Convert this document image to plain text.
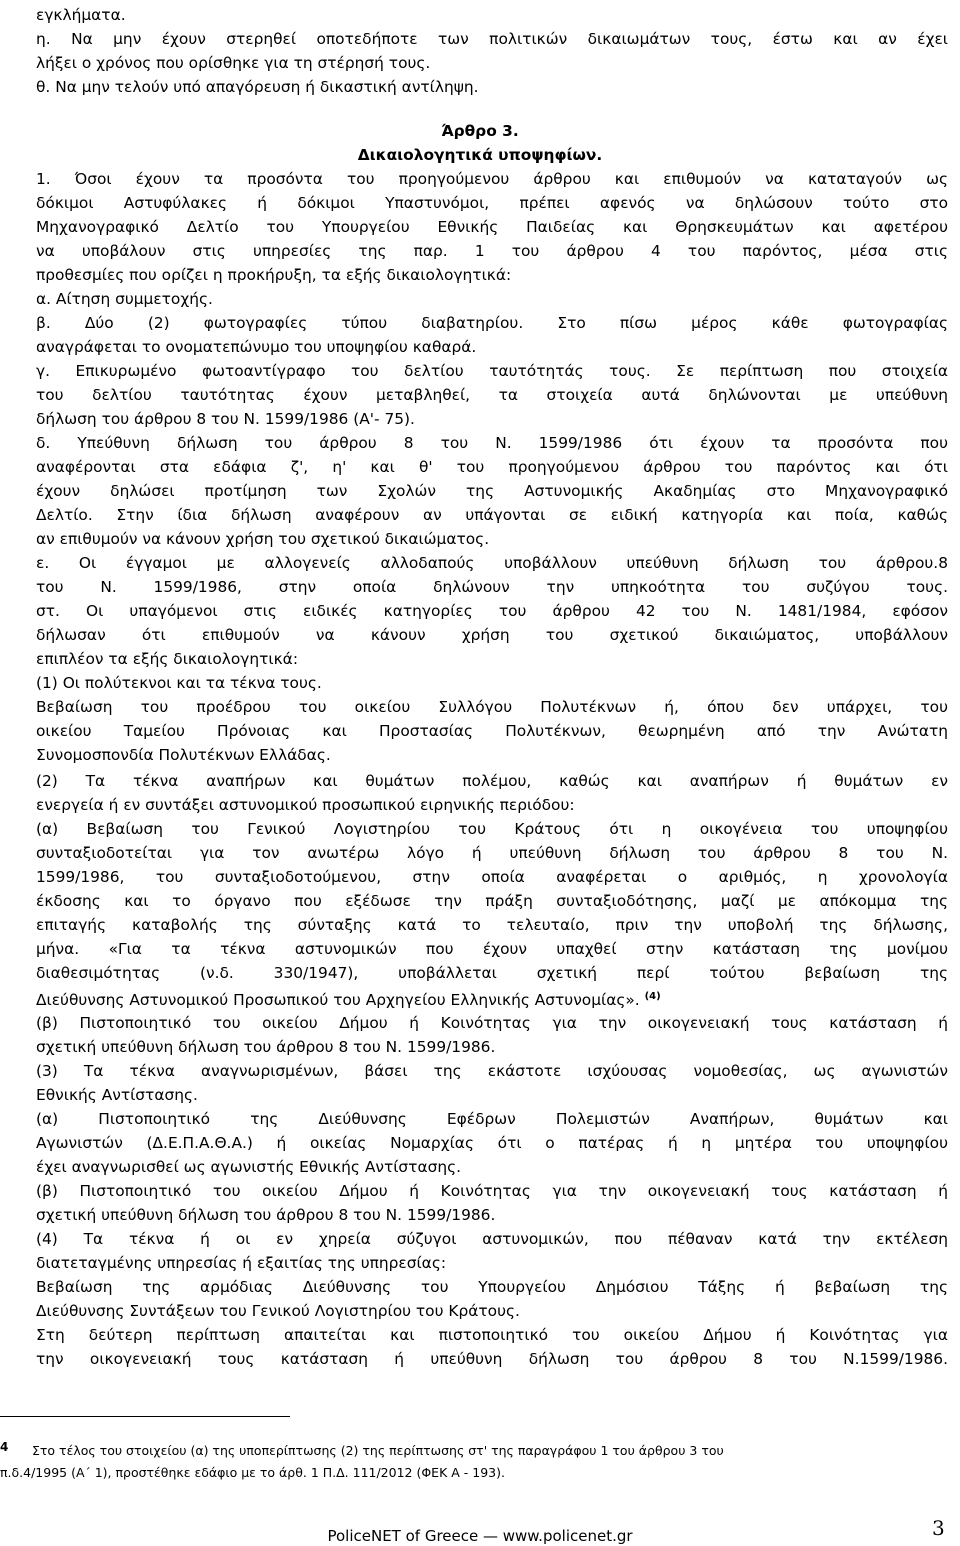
εγκλήματα.
η. Να μην έχουν στερηθεί οποτεδήποτε των πολιτικών δικαιωμάτων τους, έστω και αν έχει
λήξει ο χρόνος που ορίσθηκε για τη στέρησή τους.
θ. Να μην τελούν υπό απαγόρευση ή δικαστική αντίληψη.
Άρθρο 3.
Δικαιολογητικά υποψηφίων.
1. Όσοι έχουν τα προσόντα του προηγούμενου άρθρου και επιθυμούν να καταταγούν ως
δόκιμοι Αστυφύλακες ή δόκιμοι Υπαστυνόμοι, πρέπει αφενός να δηλώσουν τούτο στο
Μηχανογραφικό Δελτίο του Υπουργείου Εθνικής Παιδείας και Θρησκευμάτων και αφετέρου
να υποβάλουν στις υπηρεσίες της παρ. 1 του άρθρου 4 του παρόντος, μέσα στις
προθεσμίες που ορίζει η προκήρυξη, τα εξής δικαιολογητικά:
α. Αίτηση συμμετοχής.
β. Δύο (2) φωτογραφίες τύπου διαβατηρίου. Στο πίσω μέρος κάθε φωτογραφίας
αναγράφεται το ονοματεπώνυμο του υποψηφίου καθαρά.
γ. Επικυρωμένο φωτοαντίγραφο του δελτίου ταυτότητάς τους. Σε περίπτωση που στοιχεία
του δελτίου ταυτότητας έχουν μεταβληθεί, τα στοιχεία αυτά δηλώνονται με υπεύθυνη
δήλωση του άρθρου 8 του Ν. 1599/1986 (Α'- 75).
δ. Υπεύθυνη δήλωση του άρθρου 8 του Ν. 1599/1986 ότι έχουν τα προσόντα που
αναφέρονται στα εδάφια ζ', η' και θ' του προηγούμενου άρθρου του παρόντος και ότι
έχουν δηλώσει προτίμηση των Σχολών της Αστυνομικής Ακαδημίας στο Μηχανογραφικό
Δελτίο. Στην ίδια δήλωση αναφέρουν αν υπάγονται σε ειδική κατηγορία και ποία, καθώς
αν επιθυμούν να κάνουν χρήση του σχετικού δικαιώματος.
ε. Οι έγγαμοι με αλλογενείς αλλοδαπούς υποβάλλουν υπεύθυνη δήλωση του άρθρου.8
του Ν. 1599/1986, στην οποία δηλώνουν την υπηκοότητα του συζύγου τους.
στ. Οι υπαγόμενοι στις ειδικές κατηγορίες του άρθρου 42 του Ν. 1481/1984, εφόσον
δήλωσαν ότι επιθυμούν να κάνουν χρήση του σχετικού δικαιώματος, υποβάλλουν
επιπλέον τα εξής δικαιολογητικά:
(1) Οι πολύτεκνοι και τα τέκνα τους.
Βεβαίωση του προέδρου του οικείου Συλλόγου Πολυτέκνων ή, όπου δεν υπάρχει, του
οικείου Ταμείου Πρόνοιας και Προστασίας Πολυτέκνων, θεωρημένη από την Ανώτατη
Συνομοσπονδία Πολυτέκνων Ελλάδας.
(2) Τα τέκνα αναπήρων και θυμάτων πολέμου, καθώς και αναπήρων ή θυμάτων εν
ενεργεία ή εν συντάξει αστυνομικού προσωπικού ειρηνικής περιόδου:
(α) Βεβαίωση του Γενικού Λογιστηρίου του Κράτους ότι η οικογένεια του υποψηφίου
συνταξιοδοτείται για τον ανωτέρω λόγο ή υπεύθυνη δήλωση του άρθρου 8 του Ν.
1599/1986, του συνταξιοδοτούμενου, στην οποία αναφέρεται ο αριθμός, η χρονολογία
έκδοσης και το όργανο που εξέδωσε την πράξη συνταξιοδότησης, μαζί με απόκομμα της
επιταγής καταβολής της σύνταξης κατά το τελευταίο, πριν την υποβολή της δήλωσης,
μήνα. «Για τα τέκνα αστυνομικών που έχουν υπαχθεί στην κατάσταση της μονίμου
διαθεσιμότητας (ν.δ. 330/1947), υποβάλλεται σχετική περί τούτου βεβαίωση της
Διεύθυνσης Αστυνομικού Προσωπικού του Αρχηγείου Ελληνικής Αστυνομίας». $^{(4)}$
(β) Πιστοποιητικό του οικείου Δήμου ή Κοινότητας για την οικογενειακή τους κατάσταση ή
σχετική υπεύθυνη δήλωση του άρθρου 8 του Ν. 1599/1986.
(3) Τα τέκνα αναγνωρισμένων, βάσει της εκάστοτε ισχύουσας νομοθεσίας, ως αγωνιστών
Εθνικής Αντίστασης.
(α) Πιστοποιητικό της Διεύθυνσης Εφέδρων Πολεμιστών Αναπήρων, θυμάτων και
Αγωνιστών (Δ.Ε.Π.Α.Θ.Α.) ή οικείας Νομαρχίας ότι ο πατέρας ή η μητέρα του υποψηφίου
έχει αναγνωρισθεί ως αγωνιστής Εθνικής Αντίστασης.
(β) Πιστοποιητικό του οικείου Δήμου ή Κοινότητας για την οικογενειακή τους κατάσταση ή
σχετική υπεύθυνη δήλωση του άρθρου 8 του Ν. 1599/1986.
(4) Τα τέκνα ή οι εν χηρεία σύζυγοι αστυνομικών, που πέθαναν κατά την εκτέλεση
διατεταγμένης υπηρεσίας ή εξαιτίας της υπηρεσίας:
Βεβαίωση της αρμόδιας Διεύθυνσης του Υπουργείου Δημόσιου Τάξης ή βεβαίωση της
Διεύθυνσης Συντάξεων του Γενικού Λογιστηρίου του Κράτους.
Στη δεύτερη περίπτωση απαιτείται και πιστοποιητικό του οικείου Δήμου ή Κοινότητας για
την οικογενειακή τους κατάσταση ή υπεύθυνη δήλωση του άρθρου 8 του Ν.1599/1986.
4 Στο τέλος του στοιχείου (α) της υποπερίπτωσης (2) της περίπτωσης στ' της παραγράφου 1 του άρθρου 3 του
π.δ.4/1995 (Α΄ 1), προστέθηκε εδάφιο με το άρθ. 1 Π.Δ. 111/2012 (ΦΕΚ Α - 193).
PoliceNET of Greece — www.policenet.gr	3
